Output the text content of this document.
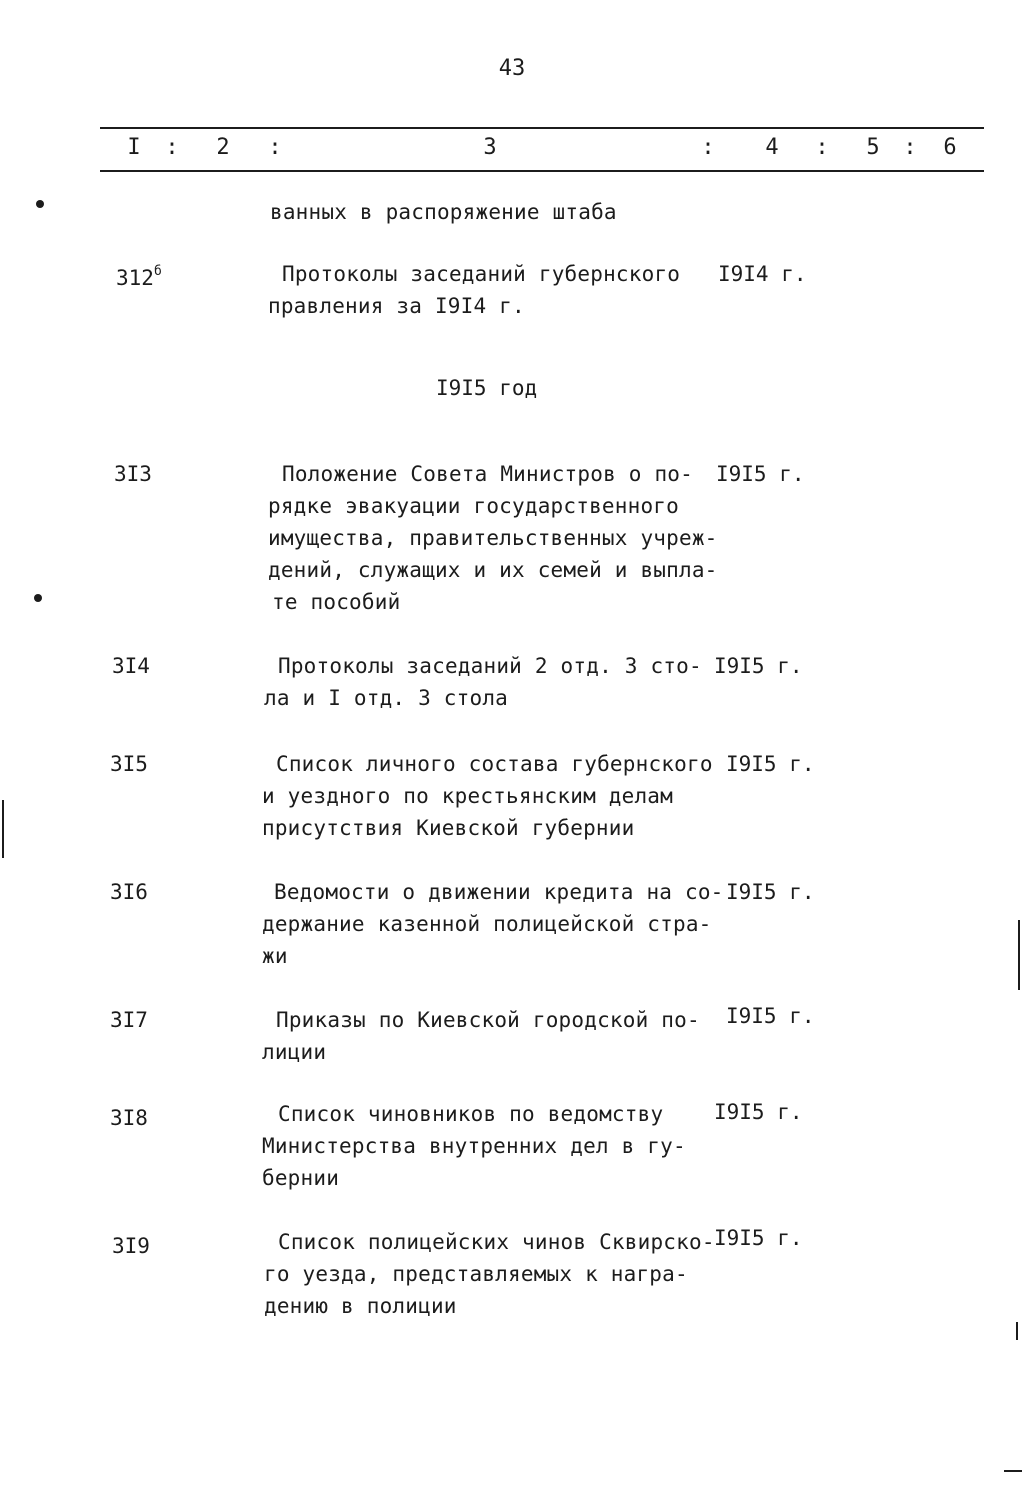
43
I : 2 :	3	: 4 : 5 : 6
ванных в распоряжение штаба
$312^б$	Протоколы заседаний губернского
правления за I9I4 г.
I9I4 г.
I9I5 год
3I3	Положение Совета Министров о по-
рядке эвакуации государственного
имущества, правительственных учреж-
дений, служащих и их семей и выпла-
те пособий
I9I5 г.
3I4	Протоколы заседаний 2 отд. 3 сто-
ла и I отд. 3 стола
I9I5 г.
3I5	Список личного состава губернского
и уездного по крестьянским делам
присутствия Киевской губернии
I9I5 г.
3I6	Ведомости о движении кредита на со-
держание казенной полицейской стра-
жи
I9I5 г.
3I7	Приказы по Киевской городской по-
лиции
I9I5 г.
3I8	Список чиновников по ведомству
Министерства внутренних дел в гу-
бернии
I9I5 г.
3I9	Список полицейских чинов Сквирско-
го уезда, представляемых к награ-
дению в полиции
I9I5 г.
